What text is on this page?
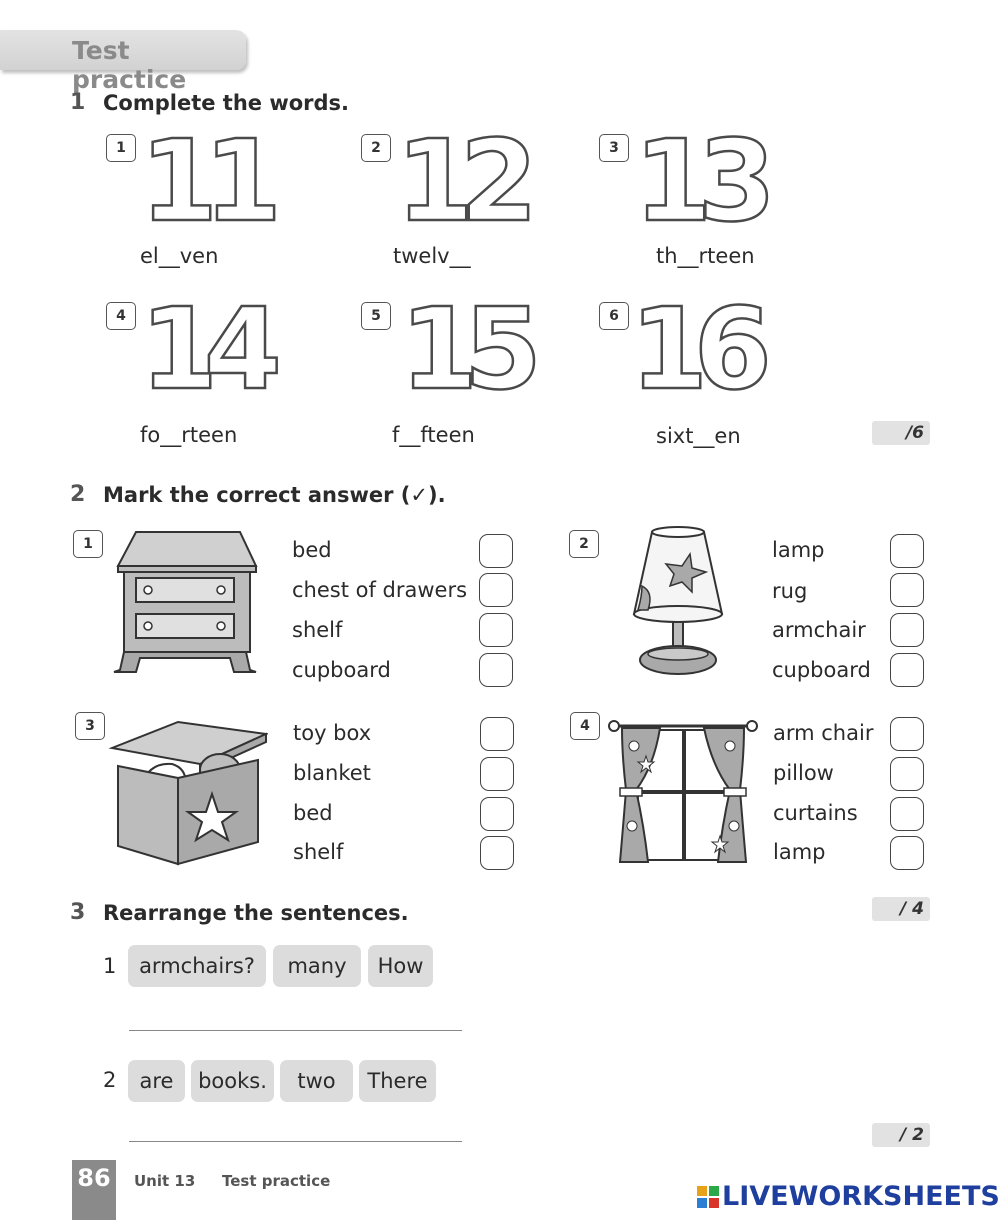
Test practice
1 Complete the words.
1 11
el__ven
2 12
twelv__
3 13
th__rteen
4 14
fo__rteen
5 15
f__fteen
6 16
sixt__en	/6
2 Mark the correct answer (✓).
1	bed
chest of drawers
shelf
cupboard
2	lamp
rug
armchair
cupboard
3	toy box
blanket
bed
shelf
4	arm chair
pillow
curtains
lamp
/ 4
3 Rearrange the sentences.
1	armchairs?	many	How
2	are	books.	two	There
/ 2
86	Unit 13 Test practice	LIVEWORKSHEETS
